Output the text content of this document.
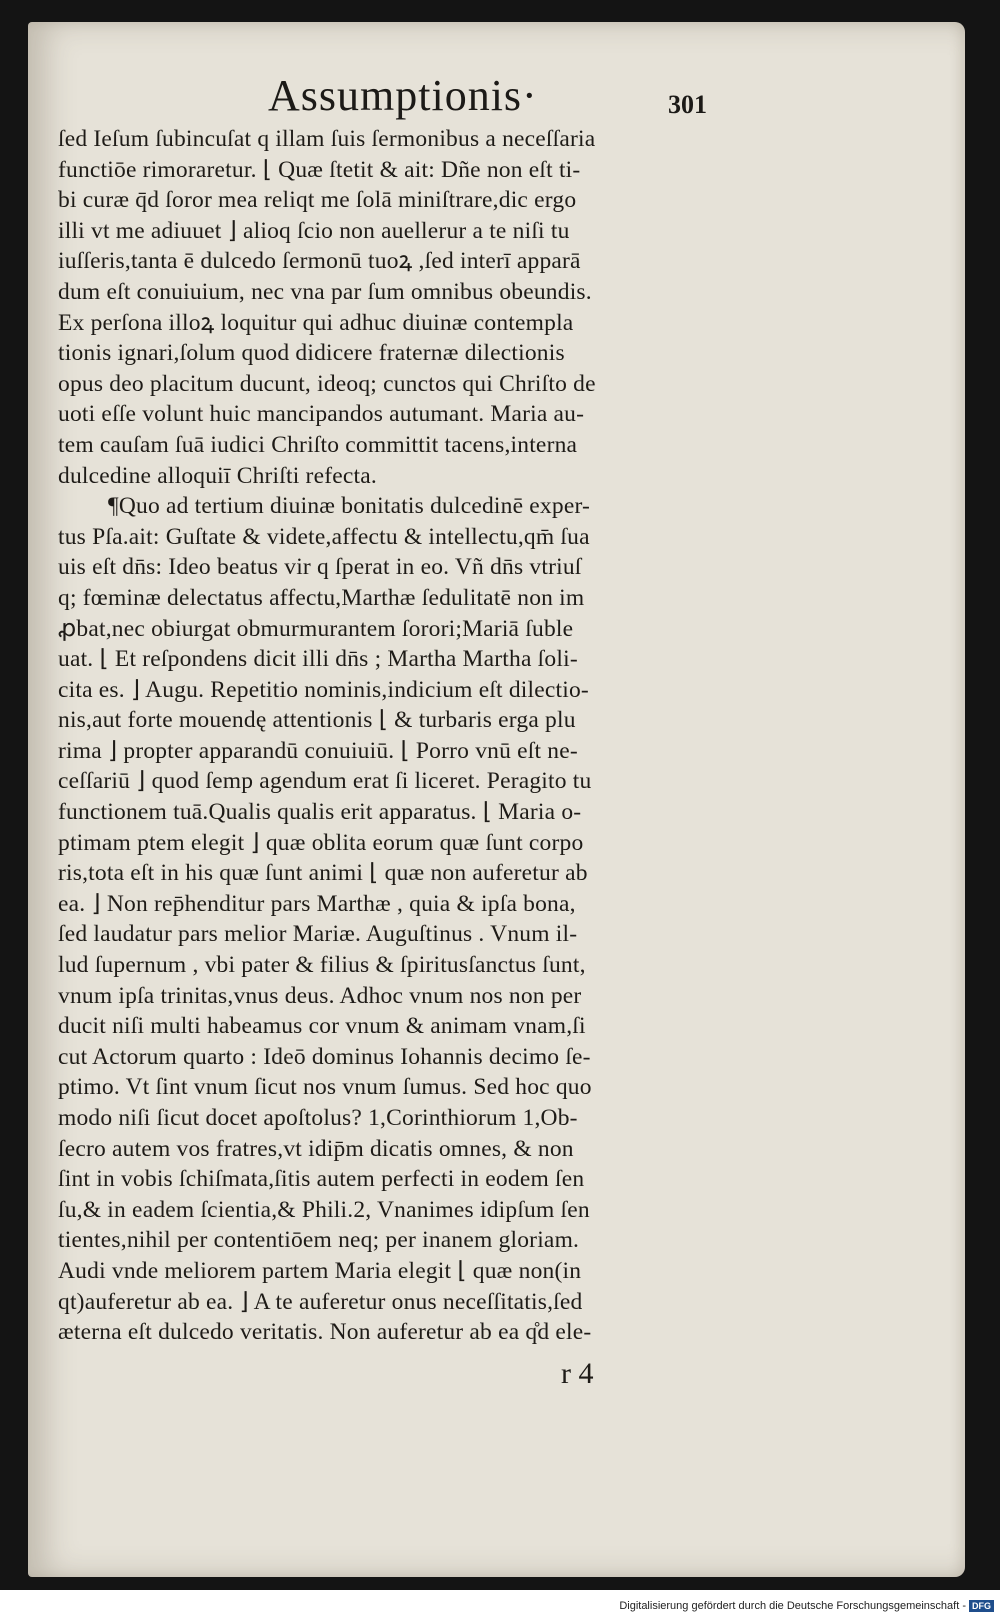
Assumptionis·	301
ſed Ieſum ſubincuſat q illam ſuis ſermonibus a neceſſaria
functiōe rimoraretur. ⌊ Quæ ſtetit & ait: Dñe non eſt ti-
bi curæ q̄d ſoror mea reliqt me ſolā miniſtrare,dic ergo
illi vt me adiuuet ⌋ alioq ſcio non auellerur a te niſi tu
iuſſeris,tanta ē dulcedo ſermonū tuoꝝ ,ſed interī apparā
dum eſt conuiuium, nec vna par ſum omnibus obeundis.
Ex perſona illoꝝ loquitur qui adhuc diuinæ contempla
tionis ignari,ſolum quod didicere fraternæ dilectionis
opus deo placitum ducunt, ideoq; cunctos qui Chriſto de
uoti eſſe volunt huic mancipandos autumant. Maria au-
tem cauſam ſuā iudici Chriſto committit tacens,interna
dulcedine alloquiī Chriſti refecta.
¶Quo ad tertium diuinæ bonitatis dulcedinē exper-
tus Pſa.ait: Guſtate & videte,affectu & intellectu,qm̄ ſua
uis eſt dn̄s: Ideo beatus vir q ſperat in eo. Vñ dn̄s vtriuſ
q; fœminæ delectatus affectu,Marthæ ſedulitatē non im
ꝓbat,nec obiurgat obmurmurantem ſorori;Mariā ſuble
uat. ⌊ Et reſpondens dicit illi dn̄s ; Martha Martha ſoli-
cita es. ⌋ Augu. Repetitio nominis,indicium eſt dilectio-
nis,aut forte mouendę attentionis ⌊ & turbaris erga plu
rima ⌋ propter apparandū conuiuiū. ⌊ Porro vnū eſt ne-
ceſſariū ⌋ quod ſemp agendum erat ſi liceret. Peragito tu
functionem tuā.Qualis qualis erit apparatus. ⌊ Maria o-
ptimam ptem elegit ⌋ quæ oblita eorum quæ ſunt corpo
ris,tota eſt in his quæ ſunt animi ⌊ quæ non auferetur ab
ea. ⌋ Non rep̄henditur pars Marthæ , quia & ipſa bona,
ſed laudatur pars melior Mariæ. Auguſtinus . Vnum il-
lud ſupernum , vbi pater & filius & ſpiritusſanctus ſunt,
vnum ipſa trinitas,vnus deus. Adhoc vnum nos non per
ducit niſi multi habeamus cor vnum & animam vnam,ſi
cut Actorum quarto : Ideō dominus Iohannis decimo ſe-
ptimo. Vt ſint vnum ſicut nos vnum ſumus. Sed hoc quo
modo niſi ſicut docet apoſtolus? 1,Corinthiorum 1,Ob-
ſecro autem vos fratres,vt idip̄m dicatis omnes, & non
ſint in vobis ſchiſmata,ſitis autem perfecti in eodem ſen
ſu,& in eadem ſcientia,& Phili.2, Vnanimes idipſum ſen
tientes,nihil per contentiōem neq; per inanem gloriam.
Audi vnde meliorem partem Maria elegit ⌊ quæ non(in
qt)auferetur ab ea. ⌋ A te auferetur onus neceſſitatis,ſed
æterna eſt dulcedo veritatis. Non auferetur ab ea q̊d ele-
r 4
Digitalisierung gefördert durch die Deutsche Forschungsgemeinschaft - DFG
